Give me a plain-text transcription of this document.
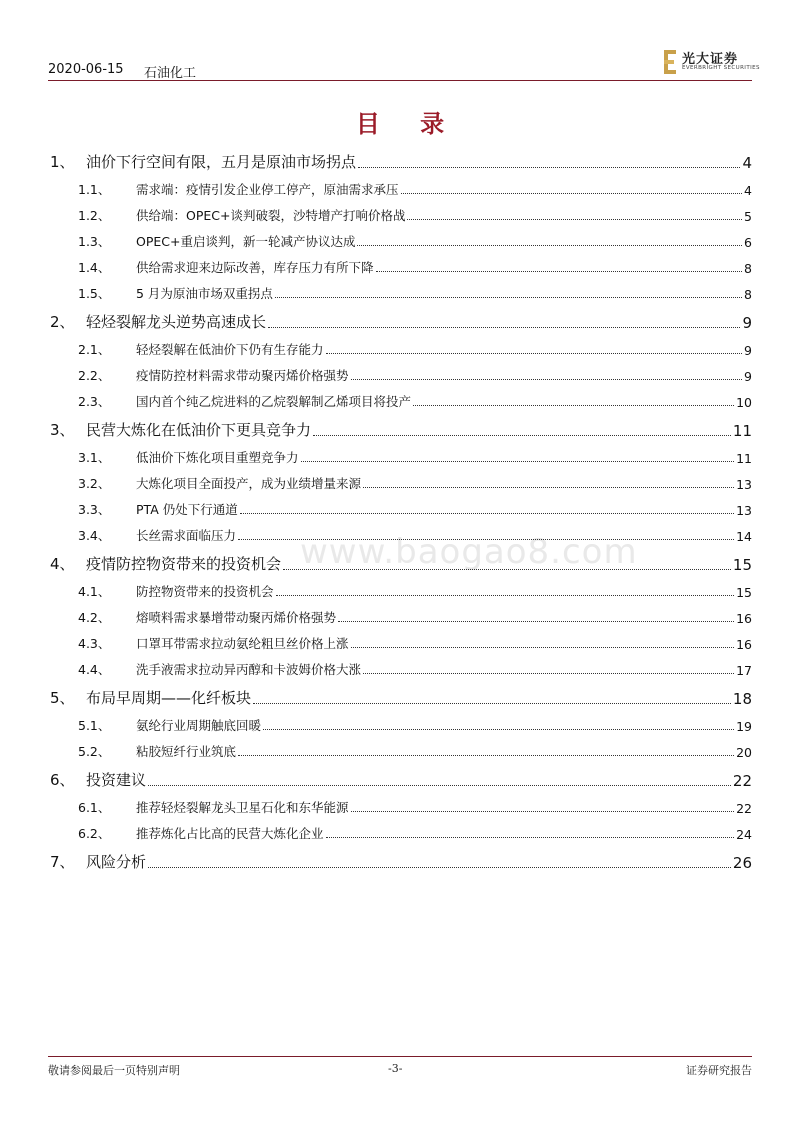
2020-06-15 石油化工
光大证券
EVERBRIGHT SECURITIES
目 录
www.baogao8.com
1、 油价下行空间有限，五月是原油市场拐点	4
1.1、	需求端：疫情引发企业停工停产，原油需求承压	4
1.2、	供给端：OPEC+谈判破裂，沙特增产打响价格战	5
1.3、	OPEC+重启谈判，新一轮减产协议达成	6
1.4、	供给需求迎来边际改善，库存压力有所下降	8
1.5、	5 月为原油市场双重拐点	8
2、 轻烃裂解龙头逆势高速成长	9
2.1、	轻烃裂解在低油价下仍有生存能力	9
2.2、	疫情防控材料需求带动聚丙烯价格强势	9
2.3、	国内首个纯乙烷进料的乙烷裂解制乙烯项目将投产	10
3、 民营大炼化在低油价下更具竞争力	11
3.1、	低油价下炼化项目重塑竞争力	11
3.2、	大炼化项目全面投产，成为业绩增量来源	13
3.3、	PTA 仍处下行通道	13
3.4、	长丝需求面临压力	14
4、 疫情防控物资带来的投资机会	15
4.1、	防控物资带来的投资机会	15
4.2、	熔喷料需求暴增带动聚丙烯价格强势	16
4.3、	口罩耳带需求拉动氨纶粗旦丝价格上涨	16
4.4、	洗手液需求拉动异丙醇和卡波姆价格大涨	17
5、 布局早周期——化纤板块	18
5.1、	氨纶行业周期触底回暖	19
5.2、	粘胶短纤行业筑底	20
6、 投资建议	22
6.1、	推荐轻烃裂解龙头卫星石化和东华能源	22
6.2、	推荐炼化占比高的民营大炼化企业	24
7、 风险分析	26
敬请参阅最后一页特别声明	-3-	证券研究报告
